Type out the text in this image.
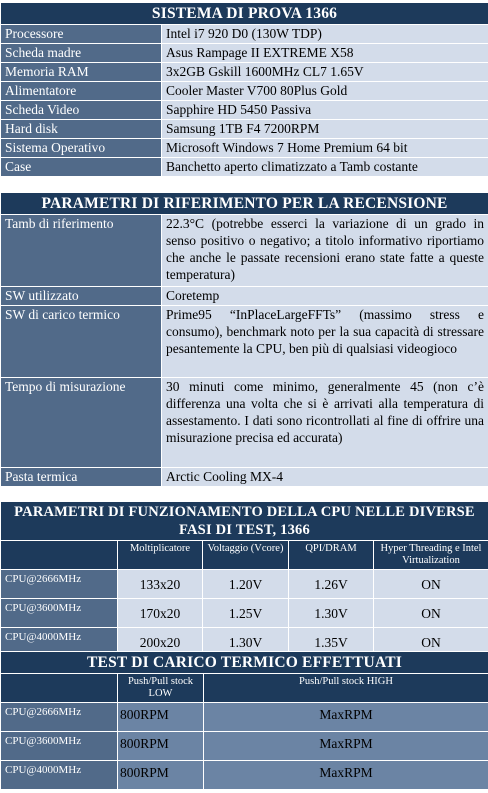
SISTEMA DI PROVA 1366	
Processore	Intel i7 920 D0 (130W TDP)
Scheda madre	Asus Rampage II EXTREME X58
Memoria RAM	3x2GB Gskill 1600MHz CL7 1.65V
Alimentatore	Cooler Master V700 80Plus Gold
Scheda Video	Sapphire HD 5450 Passiva
Hard disk	Samsung 1TB F4 7200RPM
Sistema Operativo	Microsoft Windows 7 Home Premium 64 bit
Case	Banchetto aperto climatizzato a Tamb costante
PARAMETRI DI RIFERIMENTO PER LA RECENSIONE	
Tamb di riferimento	22.3°C (potrebbe esserci la variazione di un grado in senso positivo o negativo; a titolo informativo riportiamo che anche le passate recensioni erano state fatte a queste temperatura)
SW utilizzato	Coretemp
SW di carico termico	Prime95 “InPlaceLargeFFTs” (massimo stress e consumo), benchmark noto per la sua capacità di stressare pesantemente la CPU, ben più di qualsiasi videogioco
Tempo di misurazione	30 minuti come minimo, generalmente 45 (non c’è differenza una volta che si è arrivati alla temperatura di assestamento. I dati sono ricontrollati al fine di offrire una misurazione precisa ed accurata)
Pasta termica	Arctic Cooling MX-4
PARAMETRI DI FUNZIONAMENTO DELLA CPU NELLE DIVERSE FASI DI TEST, 1366				
	Moltiplicatore	Voltaggio (Vcore)	QPI/DRAM	Hyper Threading e Intel Virtualization
CPU@2666MHz	133x20	1.20V	1.26V	ON
CPU@3600MHz	170x20	1.25V	1.30V	ON
CPU@4000MHz	200x20	1.30V	1.35V	ON
TEST DI CARICO TERMICO EFFETTUATI		
	Push/Pull stock LOW	Push/Pull stock HIGH
CPU@2666MHz	800RPM	MaxRPM
CPU@3600MHz	800RPM	MaxRPM
CPU@4000MHz	800RPM	MaxRPM
